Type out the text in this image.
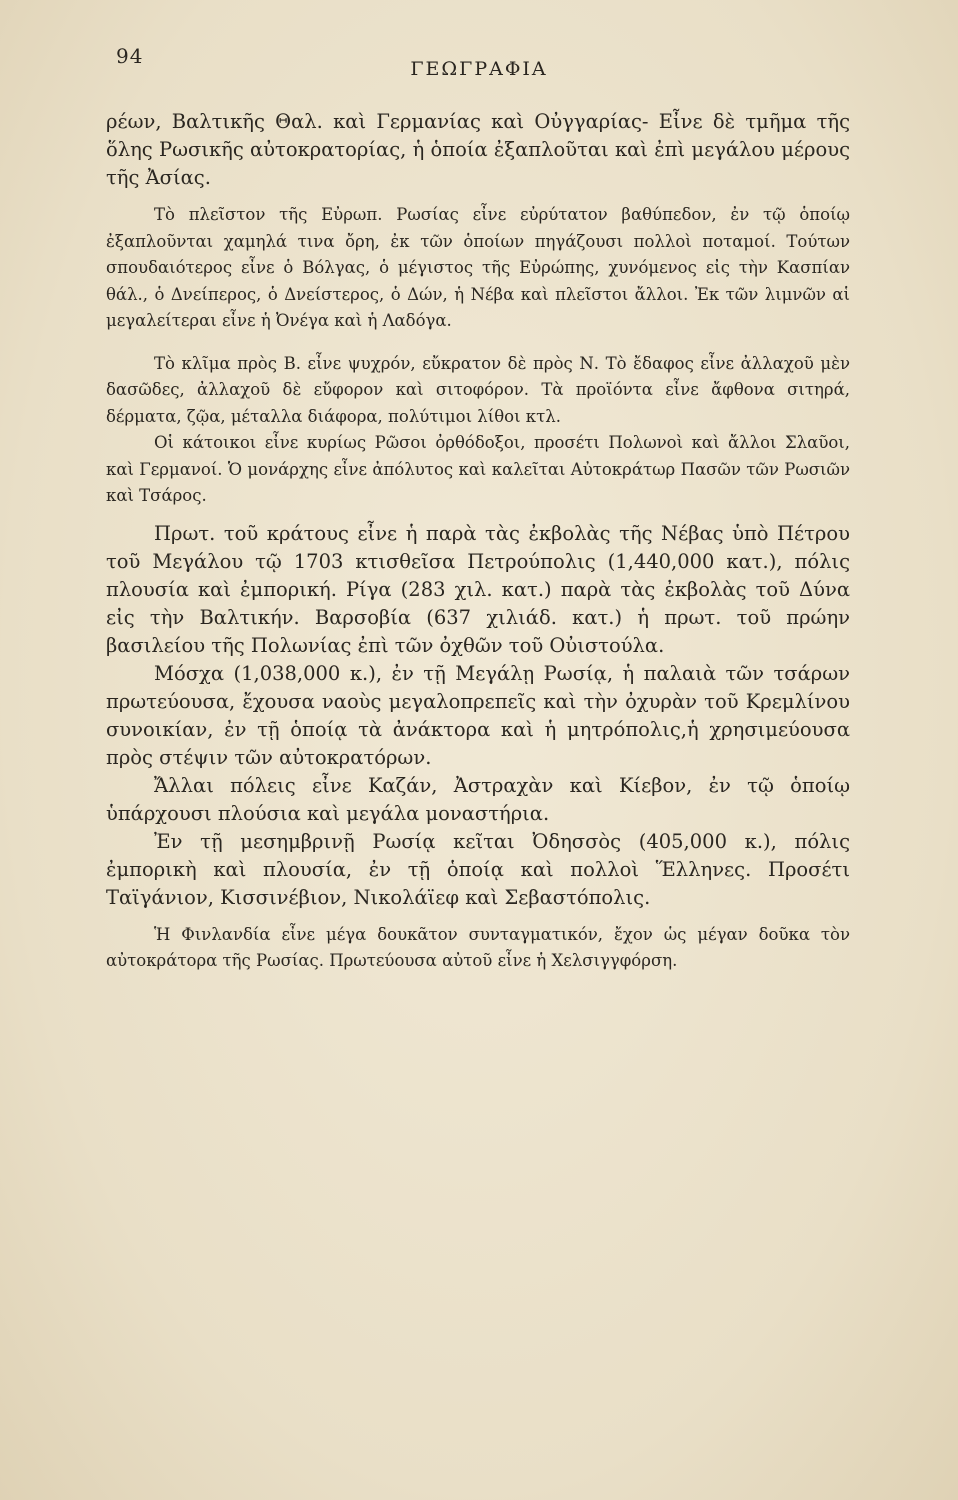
94
ΓΕΩΓΡΑΦΙΑ

ρέων, Βαλτικῆς Θαλ. καὶ Γερμανίας καὶ Οὐγγαρίας- Εἶνε δὲ τμῆμα τῆς ὅλης Ρωσικῆς αὐτοκρατορίας, ἡ ὁποία ἐξαπλοῦται καὶ ἐπὶ μεγάλου μέρους τῆς Ἀσίας.

Τὸ πλεῖστον τῆς Εὐρωπ. Ρωσίας εἶνε εὐρύτατον βαθύπεδον, ἐν τῷ ὁποίῳ ἐξαπλοῦνται χαμηλά τινα ὄρη, ἐκ τῶν ὁποίων πηγάζουσι πολλοὶ ποταμοί. Τούτων σπουδαιότερος εἶνε ὁ Βόλγας, ὁ μέγιστος τῆς Εὐρώπης, χυνόμενος εἰς τὴν Κασπίαν θάλ., ὁ Δνείπερος, ὁ Δνείστερος, ὁ Δών, ἡ Νέβα καὶ πλεῖστοι ἄλλοι. Ἐκ τῶν λιμνῶν αἱ μεγαλείτεραι εἶνε ἡ Ὀνέγα καὶ ἡ Λαδόγα.

Τὸ κλῖμα πρὸς Β. εἶνε ψυχρόν, εὔκρατον δὲ πρὸς Ν. Τὸ ἔδαφος εἶνε ἀλλαχοῦ μὲν δασῶδες, ἀλλαχοῦ δὲ εὔφορον καὶ σιτοφόρον. Τὰ προϊόντα εἶνε ἄφθονα σιτηρά, δέρματα, ζῷα, μέταλλα διάφορα, πολύτιμοι λίθοι κτλ.

Οἱ κάτοικοι εἶνε κυρίως Ρῶσοι ὀρθόδοξοι, προσέτι Πολωνοὶ καὶ ἄλλοι Σλαῦοι, καὶ Γερμανοί. Ὁ μονάρχης εἶνε ἀπόλυτος καὶ καλεῖται Αὐτοκράτωρ Πασῶν τῶν Ρωσιῶν καὶ Τσάρος.

Πρωτ. τοῦ κράτους εἶνε ἡ παρὰ τὰς ἐκβολὰς τῆς Νέβας ὑπὸ Πέτρου τοῦ Μεγάλου τῷ 1703 κτισθεῖσα Πετρούπολις (1,440,000 κατ.), πόλις πλουσία καὶ ἐμπορική. Ρίγα (283 χιλ. κατ.) παρὰ τὰς ἐκβολὰς τοῦ Δύνα εἰς τὴν Βαλτικήν. Βαρσοβία (637 χιλιάδ. κατ.) ἡ πρωτ. τοῦ πρώην βασιλείου τῆς Πολωνίας ἐπὶ τῶν ὀχθῶν τοῦ Οὐιστούλα.

Μόσχα (1,038,000 κ.), ἐν τῇ Μεγάλῃ Ρωσίᾳ, ἡ παλαιὰ τῶν τσάρων πρωτεύουσα, ἔχουσα ναοὺς μεγαλοπρεπεῖς καὶ τὴν ὀχυρὰν τοῦ Κρεμλίνου συνοικίαν, ἐν τῇ ὁποίᾳ τὰ ἀνάκτορα καὶ ἡ μητρόπολις,ἡ χρησιμεύουσα πρὸς στέψιν τῶν αὐτοκρατόρων.

Ἄλλαι πόλεις εἶνε Καζάν, Ἀστραχὰν καὶ Κίεβον, ἐν τῷ ὁποίῳ ὑπάρχουσι πλούσια καὶ μεγάλα μοναστήρια.

Ἐν τῇ μεσημβρινῇ Ρωσίᾳ κεῖται Ὀδησσὸς (405,000 κ.), πόλις ἐμπορικὴ καὶ πλουσία, ἐν τῇ ὁποίᾳ καὶ πολλοὶ Ἕλληνες. Προσέτι Ταϊγάνιον, Κισσινέβιον, Νικολάϊεφ καὶ Σεβαστόπολις.

Ἡ Φινλανδία εἶνε μέγα δουκᾶτον συνταγματικόν, ἔχον ὡς μέγαν δοῦκα τὸν αὐτοκράτορα τῆς Ρωσίας. Πρωτεύουσα αὐτοῦ εἶνε ἡ Χελσιγγφόρση.
